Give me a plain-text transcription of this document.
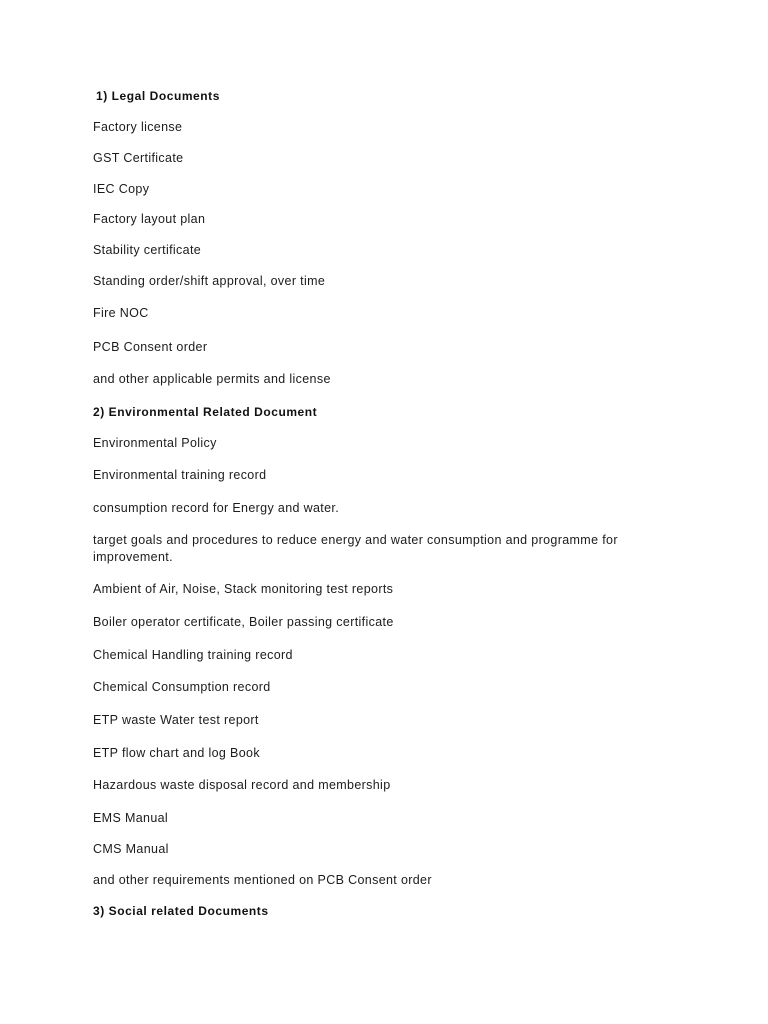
1) Legal Documents
Factory license
GST Certificate
IEC Copy
Factory layout plan
Stability certificate
Standing order/shift approval, over time
Fire NOC
PCB Consent order
and other applicable permits and license
2) Environmental Related Document
Environmental Policy
Environmental training record
consumption record for Energy and water.
target goals and procedures to reduce energy and water consumption and programme for improvement.
Ambient of Air, Noise, Stack monitoring test reports
Boiler operator certificate, Boiler passing certificate
Chemical Handling training record
Chemical Consumption record
ETP waste Water test report
ETP flow chart and log Book
Hazardous waste disposal record and membership
EMS Manual
CMS Manual
and other requirements mentioned on PCB Consent order
3) Social related Documents
